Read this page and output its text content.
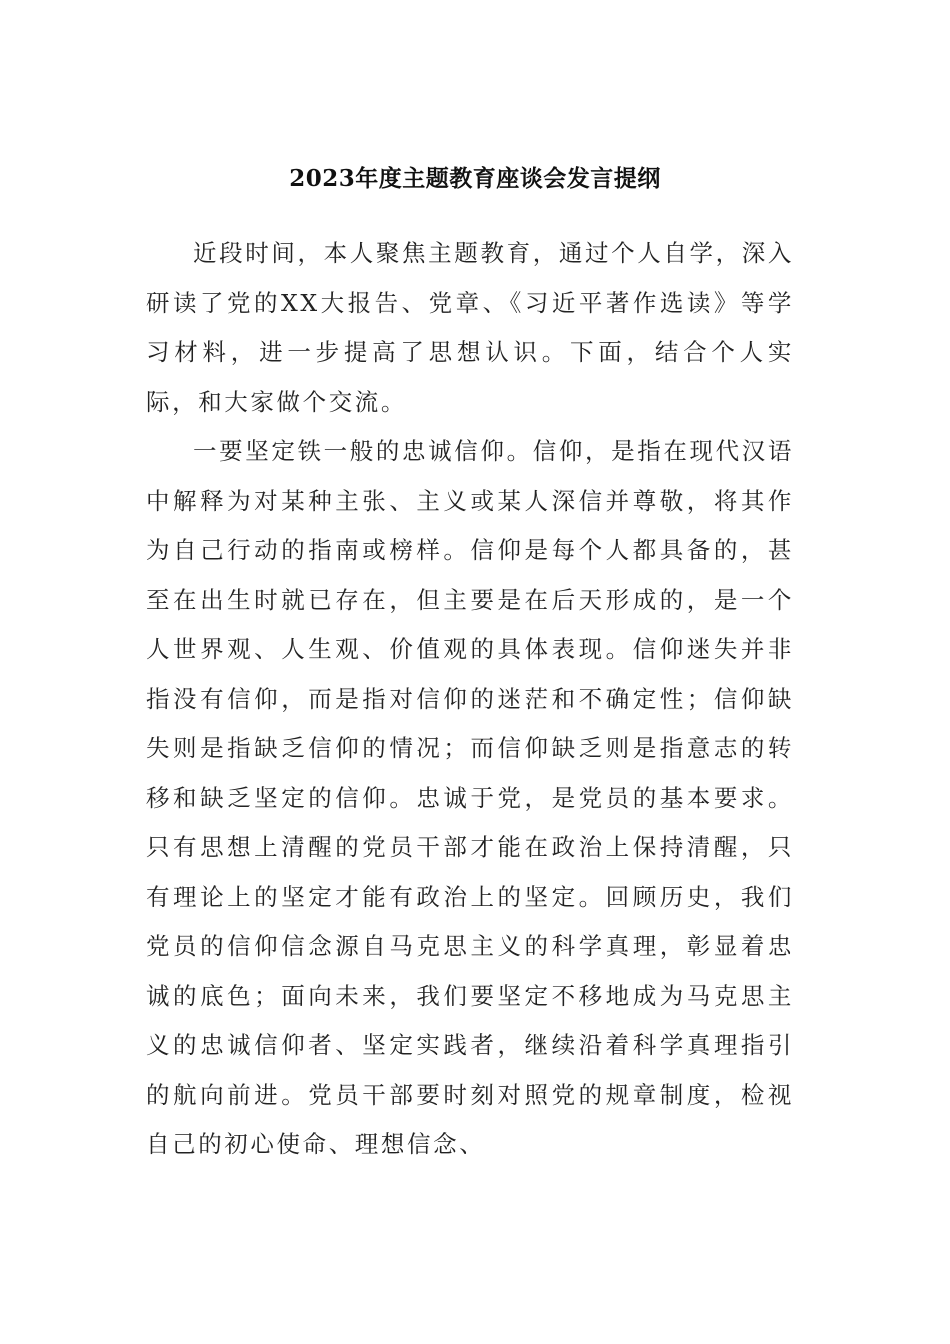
2023年度主题教育座谈会发言提纲

近段时间，本人聚焦主题教育，通过个人自学，深入研读了党的XX大报告、党章、《习近平著作选读》等学习材料，进一步提高了思想认识。下面，结合个人实际，和大家做个交流。

一要坚定铁一般的忠诚信仰。信仰，是指在现代汉语中解释为对某种主张、主义或某人深信并尊敬，将其作为自己行动的指南或榜样。信仰是每个人都具备的，甚至在出生时就已存在，但主要是在后天形成的，是一个人世界观、人生观、价值观的具体表现。信仰迷失并非指没有信仰，而是指对信仰的迷茫和不确定性；信仰缺失则是指缺乏信仰的情况；而信仰缺乏则是指意志的转移和缺乏坚定的信仰。忠诚于党，是党员的基本要求。只有思想上清醒的党员干部才能在政治上保持清醒，只有理论上的坚定才能有政治上的坚定。回顾历史，我们党员的信仰信念源自马克思主义的科学真理，彰显着忠诚的底色；面向未来，我们要坚定不移地成为马克思主义的忠诚信仰者、坚定实践者，继续沿着科学真理指引的航向前进。党员干部要时刻对照党的规章制度，检视自己的初心使命、理想信念、
